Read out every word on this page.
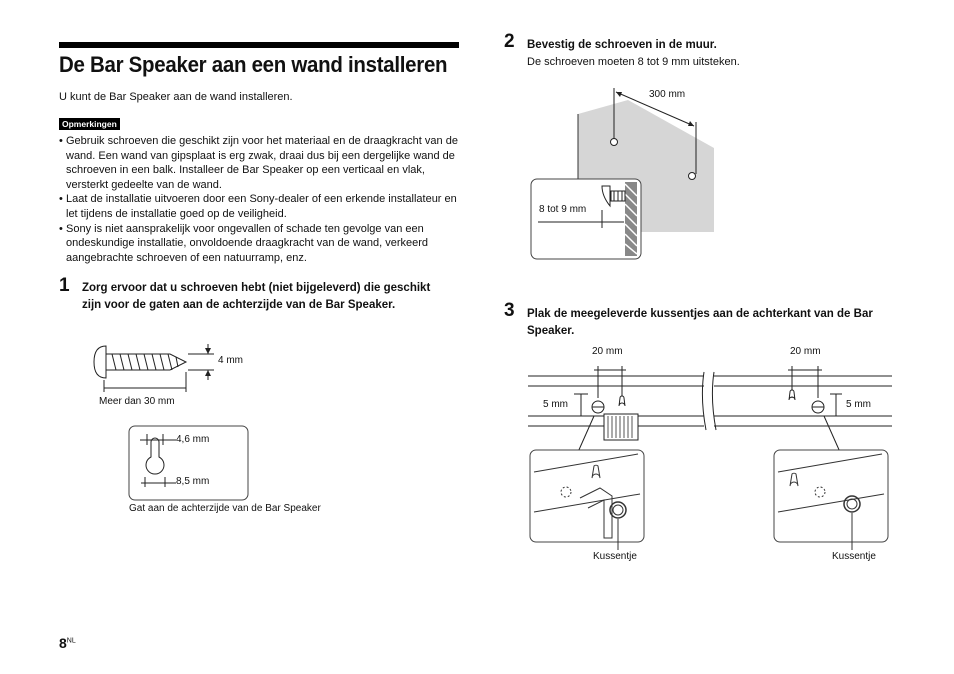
De Bar Speaker aan een wand installeren
U kunt de Bar Speaker aan de wand installeren.
Opmerkingen
• Gebruik schroeven die geschikt zijn voor het materiaal en de draagkracht van de wand. Een wand van gipsplaat is erg zwak, draai dus bij een dergelijke wand de schroeven in een balk. Installeer de Bar Speaker op een verticaal en vlak, versterkt gedeelte van de wand.
• Laat de installatie uitvoeren door een Sony-dealer of een erkende installateur en let tijdens de installatie goed op de veiligheid.
• Sony is niet aansprakelijk voor ongevallen of schade ten gevolge van een ondeskundige installatie, onvoldoende draagkracht van de wand, verkeerd aangebrachte schroeven of een natuurramp, enz.
1 Zorg ervoor dat u schroeven hebt (niet bijgeleverd) die geschikt zijn voor de gaten aan de achterzijde van de Bar Speaker.
4 mm
Meer dan 30 mm
4,6 mm
8,5 mm
Gat aan de achterzijde van de Bar Speaker
$8^{NL}$
2 Bevestig de schroeven in de muur.
De schroeven moeten 8 tot 9 mm uitsteken.
300 mm
8 tot 9 mm
3 Plak de meegeleverde kussentjes aan de achterkant van de Bar Speaker.
20 mm	20 mm
5 mm	5 mm
Kussentje	Kussentje
